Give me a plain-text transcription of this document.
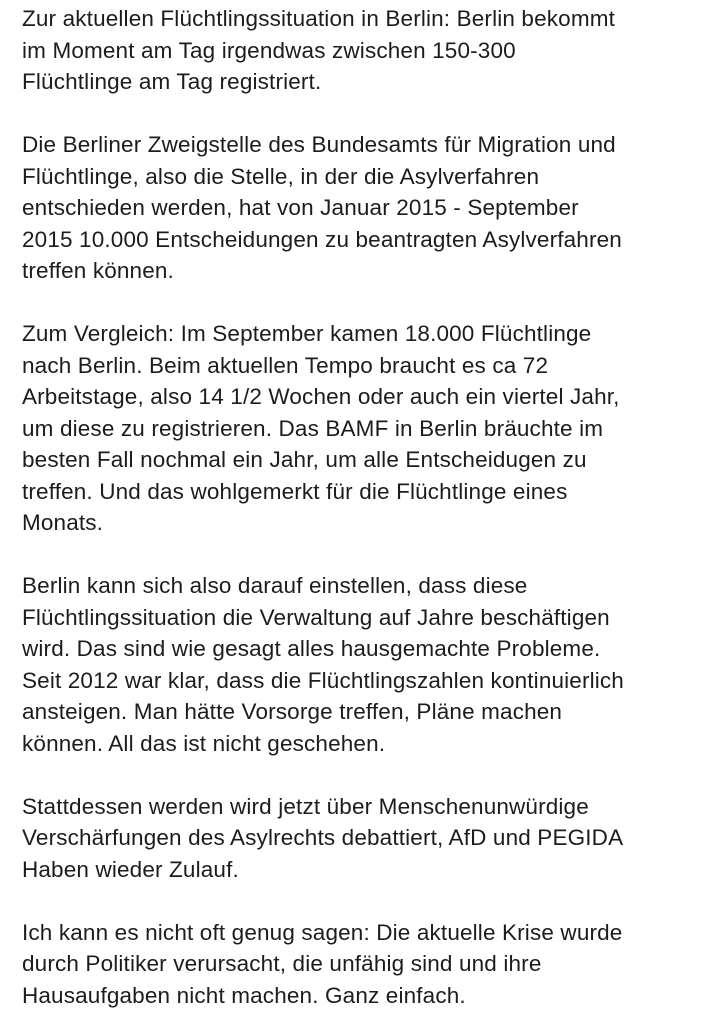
Zur aktuellen Flüchtlingssituation in Berlin: Berlin bekommt
im Moment am Tag irgendwas zwischen 150-300
Flüchtlinge am Tag registriert.

Die Berliner Zweigstelle des Bundesamts für Migration und
Flüchtlinge, also die Stelle, in der die Asylverfahren
entschieden werden, hat von Januar 2015 - September
2015 10.000 Entscheidungen zu beantragten Asylverfahren
treffen können.

Zum Vergleich: Im September kamen 18.000 Flüchtlinge
nach Berlin. Beim aktuellen Tempo braucht es ca 72
Arbeitstage, also 14 1/2 Wochen oder auch ein viertel Jahr,
um diese zu registrieren. Das BAMF in Berlin bräuchte im
besten Fall nochmal ein Jahr, um alle Entscheidugen zu
treffen. Und das wohlgemerkt für die Flüchtlinge eines
Monats.

Berlin kann sich also darauf einstellen, dass diese
Flüchtlingssituation die Verwaltung auf Jahre beschäftigen
wird. Das sind wie gesagt alles hausgemachte Probleme.
Seit 2012 war klar, dass die Flüchtlingszahlen kontinuierlich
ansteigen. Man hätte Vorsorge treffen, Pläne machen
können. All das ist nicht geschehen.

Stattdessen werden wird jetzt über Menschenunwürdige
Verschärfungen des Asylrechts debattiert, AfD und PEGIDA
Haben wieder Zulauf.

Ich kann es nicht oft genug sagen: Die aktuelle Krise wurde
durch Politiker verursacht, die unfähig sind und ihre
Hausaufgaben nicht machen. Ganz einfach.
